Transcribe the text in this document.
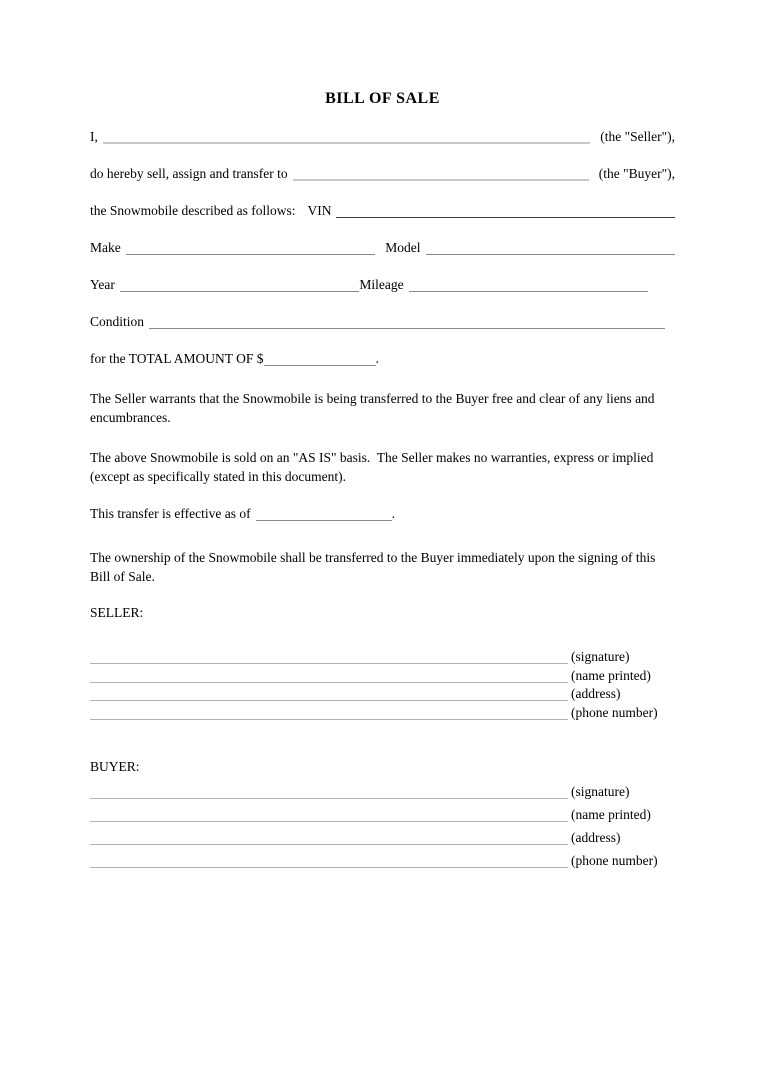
BILL OF SALE
I,	(the "Seller"),
do hereby sell, assign and transfer to	(the "Buyer"),
the Snowmobile described as follows: VIN
Make	Model
Year	Mileage
Condition
for the TOTAL AMOUNT OF $	.
The Seller warrants that the Snowmobile is being transferred to the Buyer free and clear of any liens and encumbrances.
The above Snowmobile is sold on an "AS IS" basis.  The Seller makes no warranties, express or implied (except as specifically stated in this document).
This transfer is effective as of	.
The ownership of the Snowmobile shall be transferred to the Buyer immediately upon the signing of this Bill of Sale.
SELLER:
(signature)
(name printed)
(address)
(phone number)
BUYER:
(signature)
(name printed)
(address)
(phone number)
